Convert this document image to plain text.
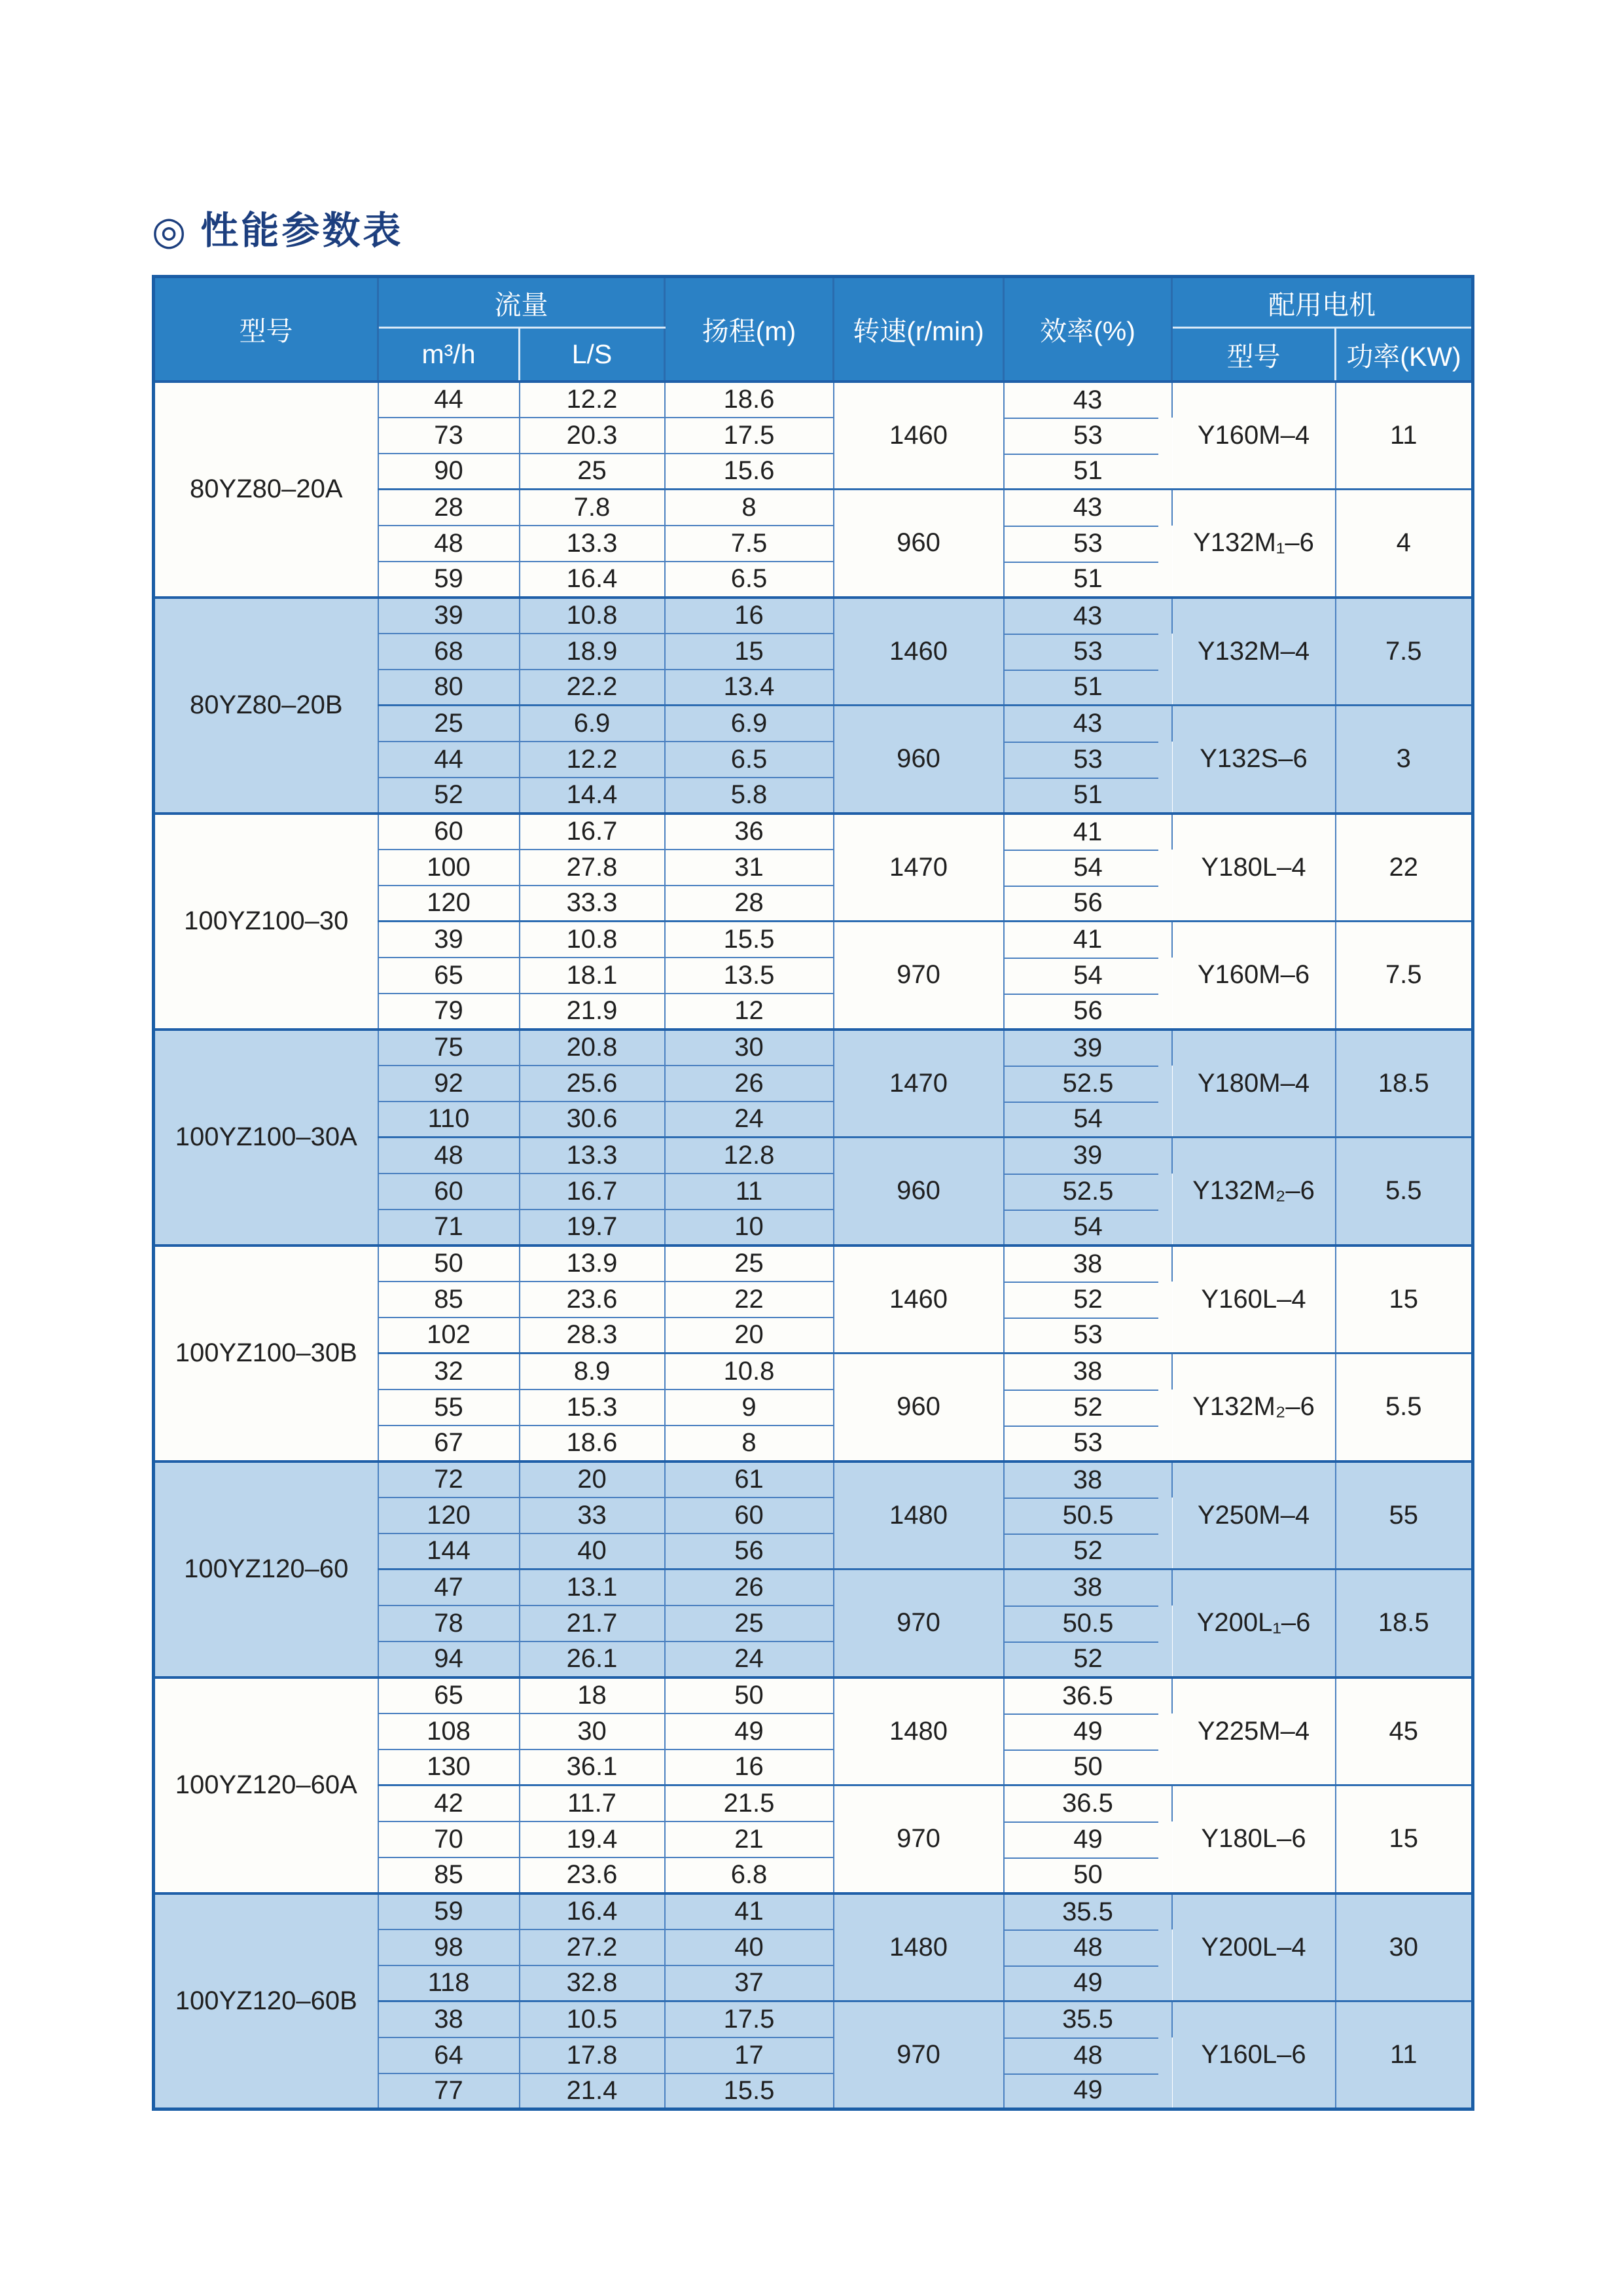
◎ 性能参数表
型号	流量		扬程(m)	转速(r/min)	效率(%)	配用电机	
	m³/h	L/S				型号	功率(KW)
80YZ80–20A	44	12.2	18.6	1460	43	Y160M–4	11
	73	20.3	17.5		53		
	90	25	15.6		51		
	28	7.8	8	960	43	Y132M₁–6	4
	48	13.3	7.5		53		
	59	16.4	6.5		51		
80YZ80–20B	39	10.8	16	1460	43	Y132M–4	7.5
	68	18.9	15		53		
	80	22.2	13.4		51		
	25	6.9	6.9	960	43	Y132S–6	3
	44	12.2	6.5		53		
	52	14.4	5.8		51		
100YZ100–30	60	16.7	36	1470	41	Y180L–4	22
	100	27.8	31		54		
	120	33.3	28		56		
	39	10.8	15.5	970	41	Y160M–6	7.5
	65	18.1	13.5		54		
	79	21.9	12		56		
100YZ100–30A	75	20.8	30	1470	39	Y180M–4	18.5
	92	25.6	26		52.5		
	110	30.6	24		54		
	48	13.3	12.8	960	39	Y132M₂–6	5.5
	60	16.7	11		52.5		
	71	19.7	10		54		
100YZ100–30B	50	13.9	25	1460	38	Y160L–4	15
	85	23.6	22		52		
	102	28.3	20		53		
	32	8.9	10.8	960	38	Y132M₂–6	5.5
	55	15.3	9		52		
	67	18.6	8		53		
100YZ120–60	72	20	61	1480	38	Y250M–4	55
	120	33	60		50.5		
	144	40	56		52		
	47	13.1	26	970	38	Y200L₁–6	18.5
	78	21.7	25		50.5		
	94	26.1	24		52		
100YZ120–60A	65	18	50	1480	36.5	Y225M–4	45
	108	30	49		49		
	130	36.1	16		50		
	42	11.7	21.5	970	36.5	Y180L–6	15
	70	19.4	21		49		
	85	23.6	6.8		50		
100YZ120–60B	59	16.4	41	1480	35.5	Y200L–4	30
	98	27.2	40		48		
	118	32.8	37		49		
	38	10.5	17.5	970	35.5	Y160L–6	11
	64	17.8	17		48		
	77	21.4	15.5		49		
